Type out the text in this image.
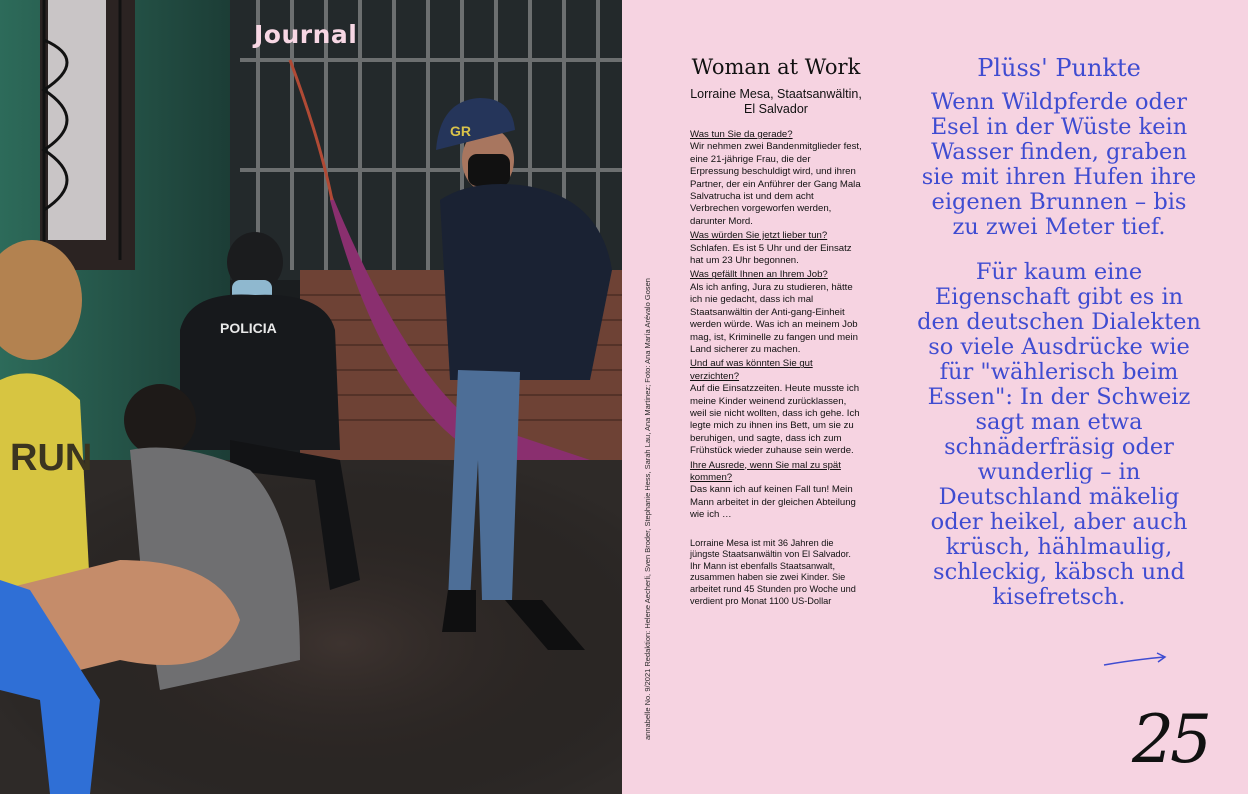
POLICIA
GR
RUN
Journal
annabelle No. 9/2021 Redaktion: Helene Aecherli, Sven Broder, Stephanie Hess, Sarah Lau, Ana Martinez; Foto: Ana María Arévalo Gosen
Woman at Work
Lorraine Mesa, Staatsanwältin, El Salvador
Was tun Sie da gerade?
Wir nehmen zwei Bandenmitglieder fest, eine 21-jährige Frau, die der Erpressung beschuldigt wird, und ihren Partner, der ein Anführer der Gang Mala Salvatrucha ist und dem acht Verbrechen vorgeworfen werden, darunter Mord.
Was würden Sie jetzt lieber tun?
Schlafen. Es ist 5 Uhr und der Einsatz hat um 23 Uhr begonnen.
Was gefällt Ihnen an Ihrem Job?
Als ich anfing, Jura zu studieren, hätte ich nie gedacht, dass ich mal Staatsanwältin der Anti-gang-Einheit werden würde. Was ich an meinem Job mag, ist, Kriminelle zu fangen und mein Land sicherer zu machen.
Und auf was könnten Sie gut verzichten?
Auf die Einsatzzeiten. Heute musste ich meine Kinder weinend zurücklassen, weil sie nicht wollten, dass ich gehe. Ich legte mich zu ihnen ins Bett, um sie zu beruhigen, und sagte, dass ich zum Frühstück wieder zuhause sein werde.
Ihre Ausrede, wenn Sie mal zu spät kommen?
Das kann ich auf keinen Fall tun! Mein Mann arbeitet in der gleichen Abteilung wie ich …
Lorraine Mesa ist mit 36 Jahren die jüngste Staatsanwältin von El Salvador. Ihr Mann ist ebenfalls Staatsanwalt, zusammen haben sie zwei Kinder. Sie arbeitet rund 45 Stunden pro Woche und verdient pro Monat 1100 US-Dollar
Plüss' Punkte
Wenn Wildpferde oder Esel in der Wüste kein Wasser finden, graben sie mit ihren Hufen ihre eigenen Brunnen – bis zu zwei Meter tief.
Für kaum eine Eigenschaft gibt es in den deutschen Dialekten so viele Ausdrücke wie für "wählerisch beim Essen": In der Schweiz sagt man etwa schnäderfräsig oder wunderlig – in Deutschland mäkelig oder heikel, aber auch krüsch, hählmaulig, schleckig, käbsch und kisefretsch.
25
